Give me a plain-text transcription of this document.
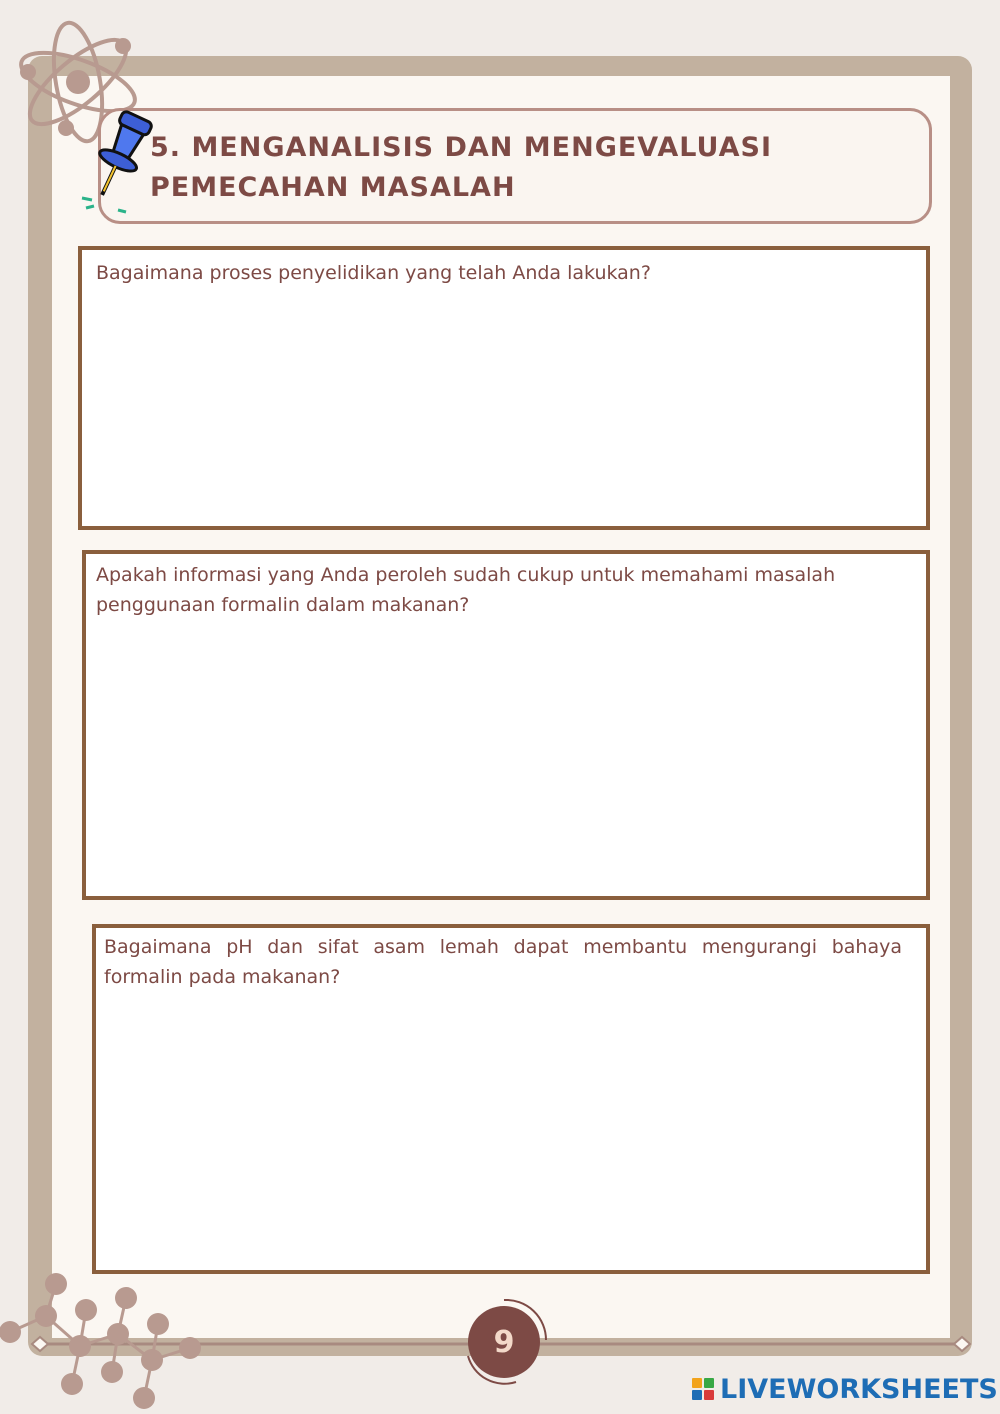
5. MENGANALISIS DAN MENGEVALUASI PEMECAHAN MASALAH

Bagaimana proses penyelidikan yang telah Anda lakukan?

Apakah informasi yang Anda peroleh sudah cukup untuk memahami masalah penggunaan formalin dalam makanan?

Bagaimana pH dan sifat asam lemah dapat membantu mengurangi bahaya formalin pada makanan?

9
LIVEWORKSHEETS
